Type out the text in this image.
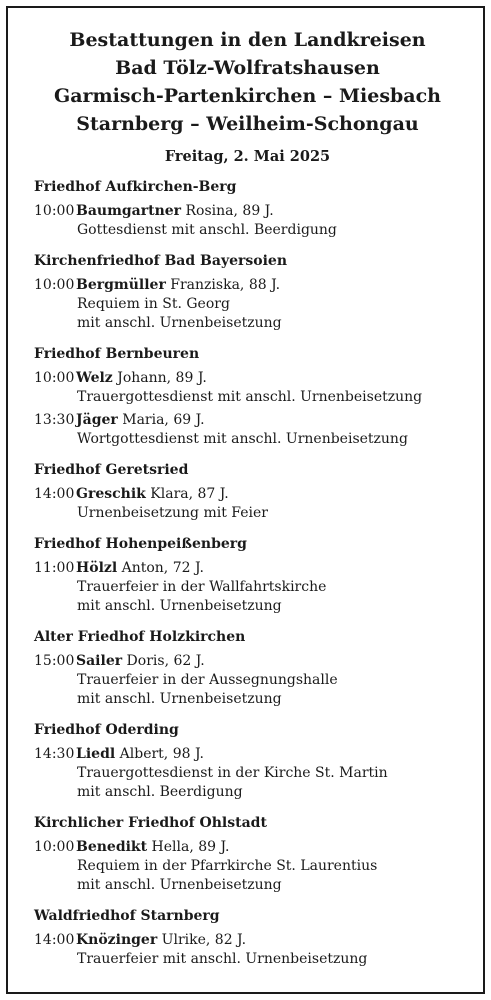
Bestattungen in den Landkreisen
Bad Tölz-Wolfratshausen
Garmisch-Partenkirchen – Miesbach
Starnberg – Weilheim-Schongau
Freitag, 2. Mai 2025
Friedhof Aufkirchen-Berg
10:00 Baumgartner Rosina, 89 J.
Gottesdienst mit anschl. Beerdigung
Kirchenfriedhof Bad Bayersoien
10:00 Bergmüller Franziska, 88 J.
Requiem in St. Georg
mit anschl. Urnenbeisetzung
Friedhof Bernbeuren
10:00 Welz Johann, 89 J.
Trauergottesdienst mit anschl. Urnenbeisetzung
13:30 Jäger Maria, 69 J.
Wortgottesdienst mit anschl. Urnenbeisetzung
Friedhof Geretsried
14:00 Greschik Klara, 87 J.
Urnenbeisetzung mit Feier
Friedhof Hohenpeißenberg
11:00 Hölzl Anton, 72 J.
Trauerfeier in der Wallfahrtskirche
mit anschl. Urnenbeisetzung
Alter Friedhof Holzkirchen
15:00 Sailer Doris, 62 J.
Trauerfeier in der Aussegnungshalle
mit anschl. Urnenbeisetzung
Friedhof Oderding
14:30 Liedl Albert, 98 J.
Trauergottesdienst in der Kirche St. Martin
mit anschl. Beerdigung
Kirchlicher Friedhof Ohlstadt
10:00 Benedikt Hella, 89 J.
Requiem in der Pfarrkirche St. Laurentius
mit anschl. Urnenbeisetzung
Waldfriedhof Starnberg
14:00 Knözinger Ulrike, 82 J.
Trauerfeier mit anschl. Urnenbeisetzung
